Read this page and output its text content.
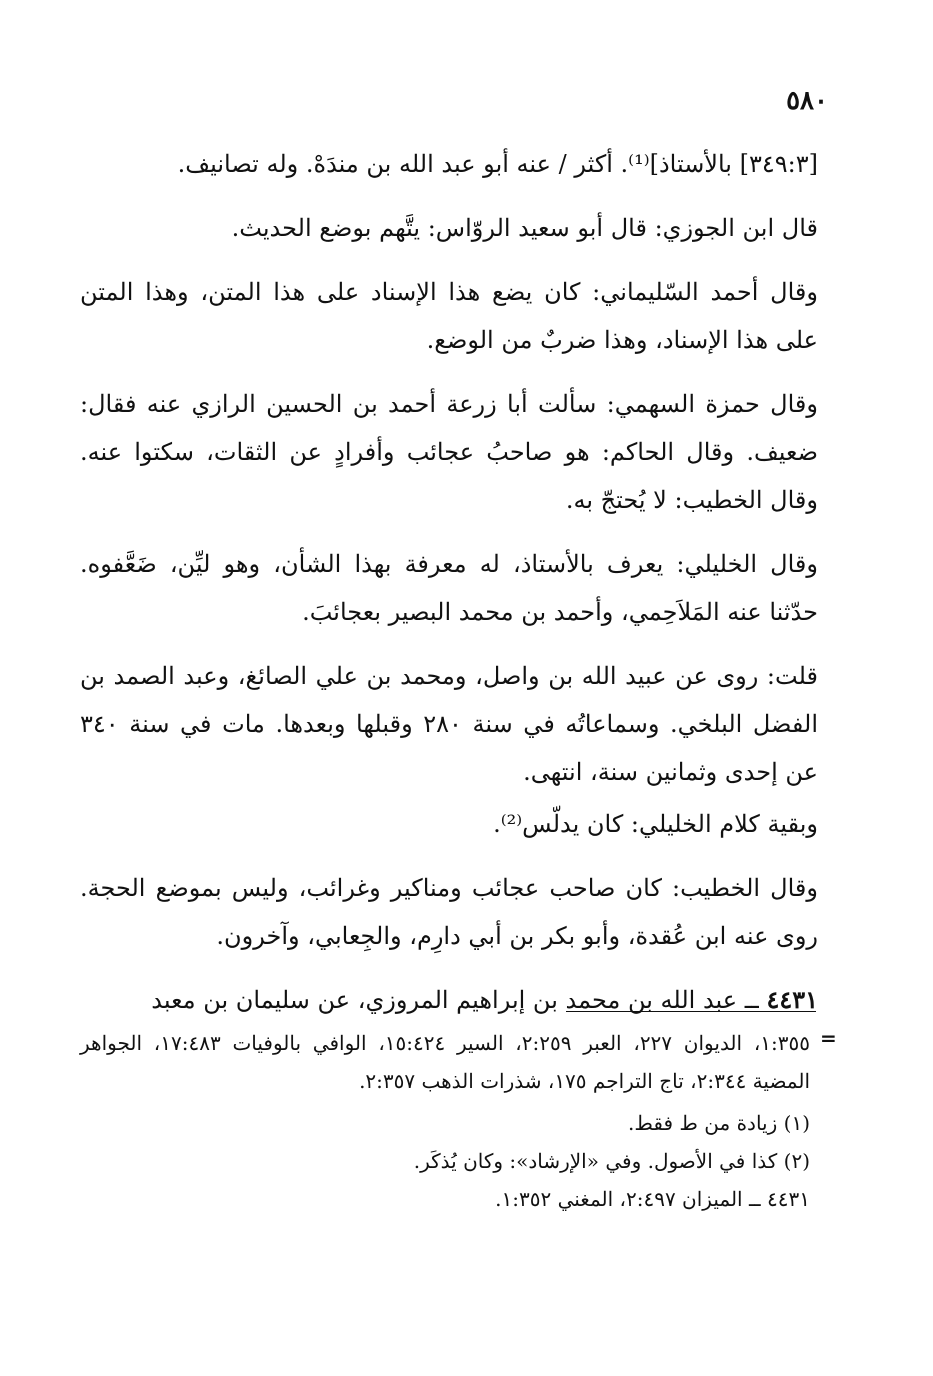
٥٨٠

[٣٤٩:٣] بالأستاذ]⁽¹⁾. أكثر / عنه أبو عبد الله بن مندَهْ. وله تصانيف.

قال ابن الجوزي: قال أبو سعيد الروّاس: يتَّهم بوضع الحديث.

وقال أحمد السّليماني: كان يضع هذا الإسناد على هذا المتن، وهذا المتن على هذا الإسناد، وهذا ضربٌ من الوضع.

وقال حمزة السهمي: سألت أبا زرعة أحمد بن الحسين الرازي عنه فقال: ضعيف. وقال الحاكم: هو صاحبُ عجائب وأفرادٍ عن الثقات، سكتوا عنه. وقال الخطيب: لا يُحتجّ به.

وقال الخليلي: يعرف بالأستاذ، له معرفة بهذا الشأن، وهو ليِّن، ضَعَّفوه. حدّثنا عنه المَلاَحِمي، وأحمد بن محمد البصير بعجائبَ.

قلت: روى عن عبيد الله بن واصل، ومحمد بن علي الصائغ، وعبد الصمد بن الفضل البلخي. وسماعاتُه في سنة ٢٨٠ وقبلها وبعدها. مات في سنة ٣٤٠ عن إحدى وثمانين سنة، انتهى.

وبقية كلام الخليلي: كان يدلّس⁽²⁾.

وقال الخطيب: كان صاحب عجائب ومناكير وغرائب، وليس بموضع الحجة. روى عنه ابن عُقدة، وأبو بكر بن أبي دارِم، والجِعابي، وآخرون.

٤٤٣١ ــ عبد الله بن محمد بن إبراهيم المروزي، عن سليمان بن معبد

=

١:٣٥٥، الديوان ٢٢٧، العبر ٢:٢٥٩، السير ١٥:٤٢٤، الوافي بالوفيات ١٧:٤٨٣، الجواهر المضية ٢:٣٤٤، تاج التراجم ١٧٥، شذرات الذهب ٢:٣٥٧.

(١) زيادة من ط فقط.

(٢) كذا في الأصول. وفي «الإرشاد»: وكان يُذكَر.

٤٤٣١ ــ الميزان ٢:٤٩٧، المغني ١:٣٥٢.
